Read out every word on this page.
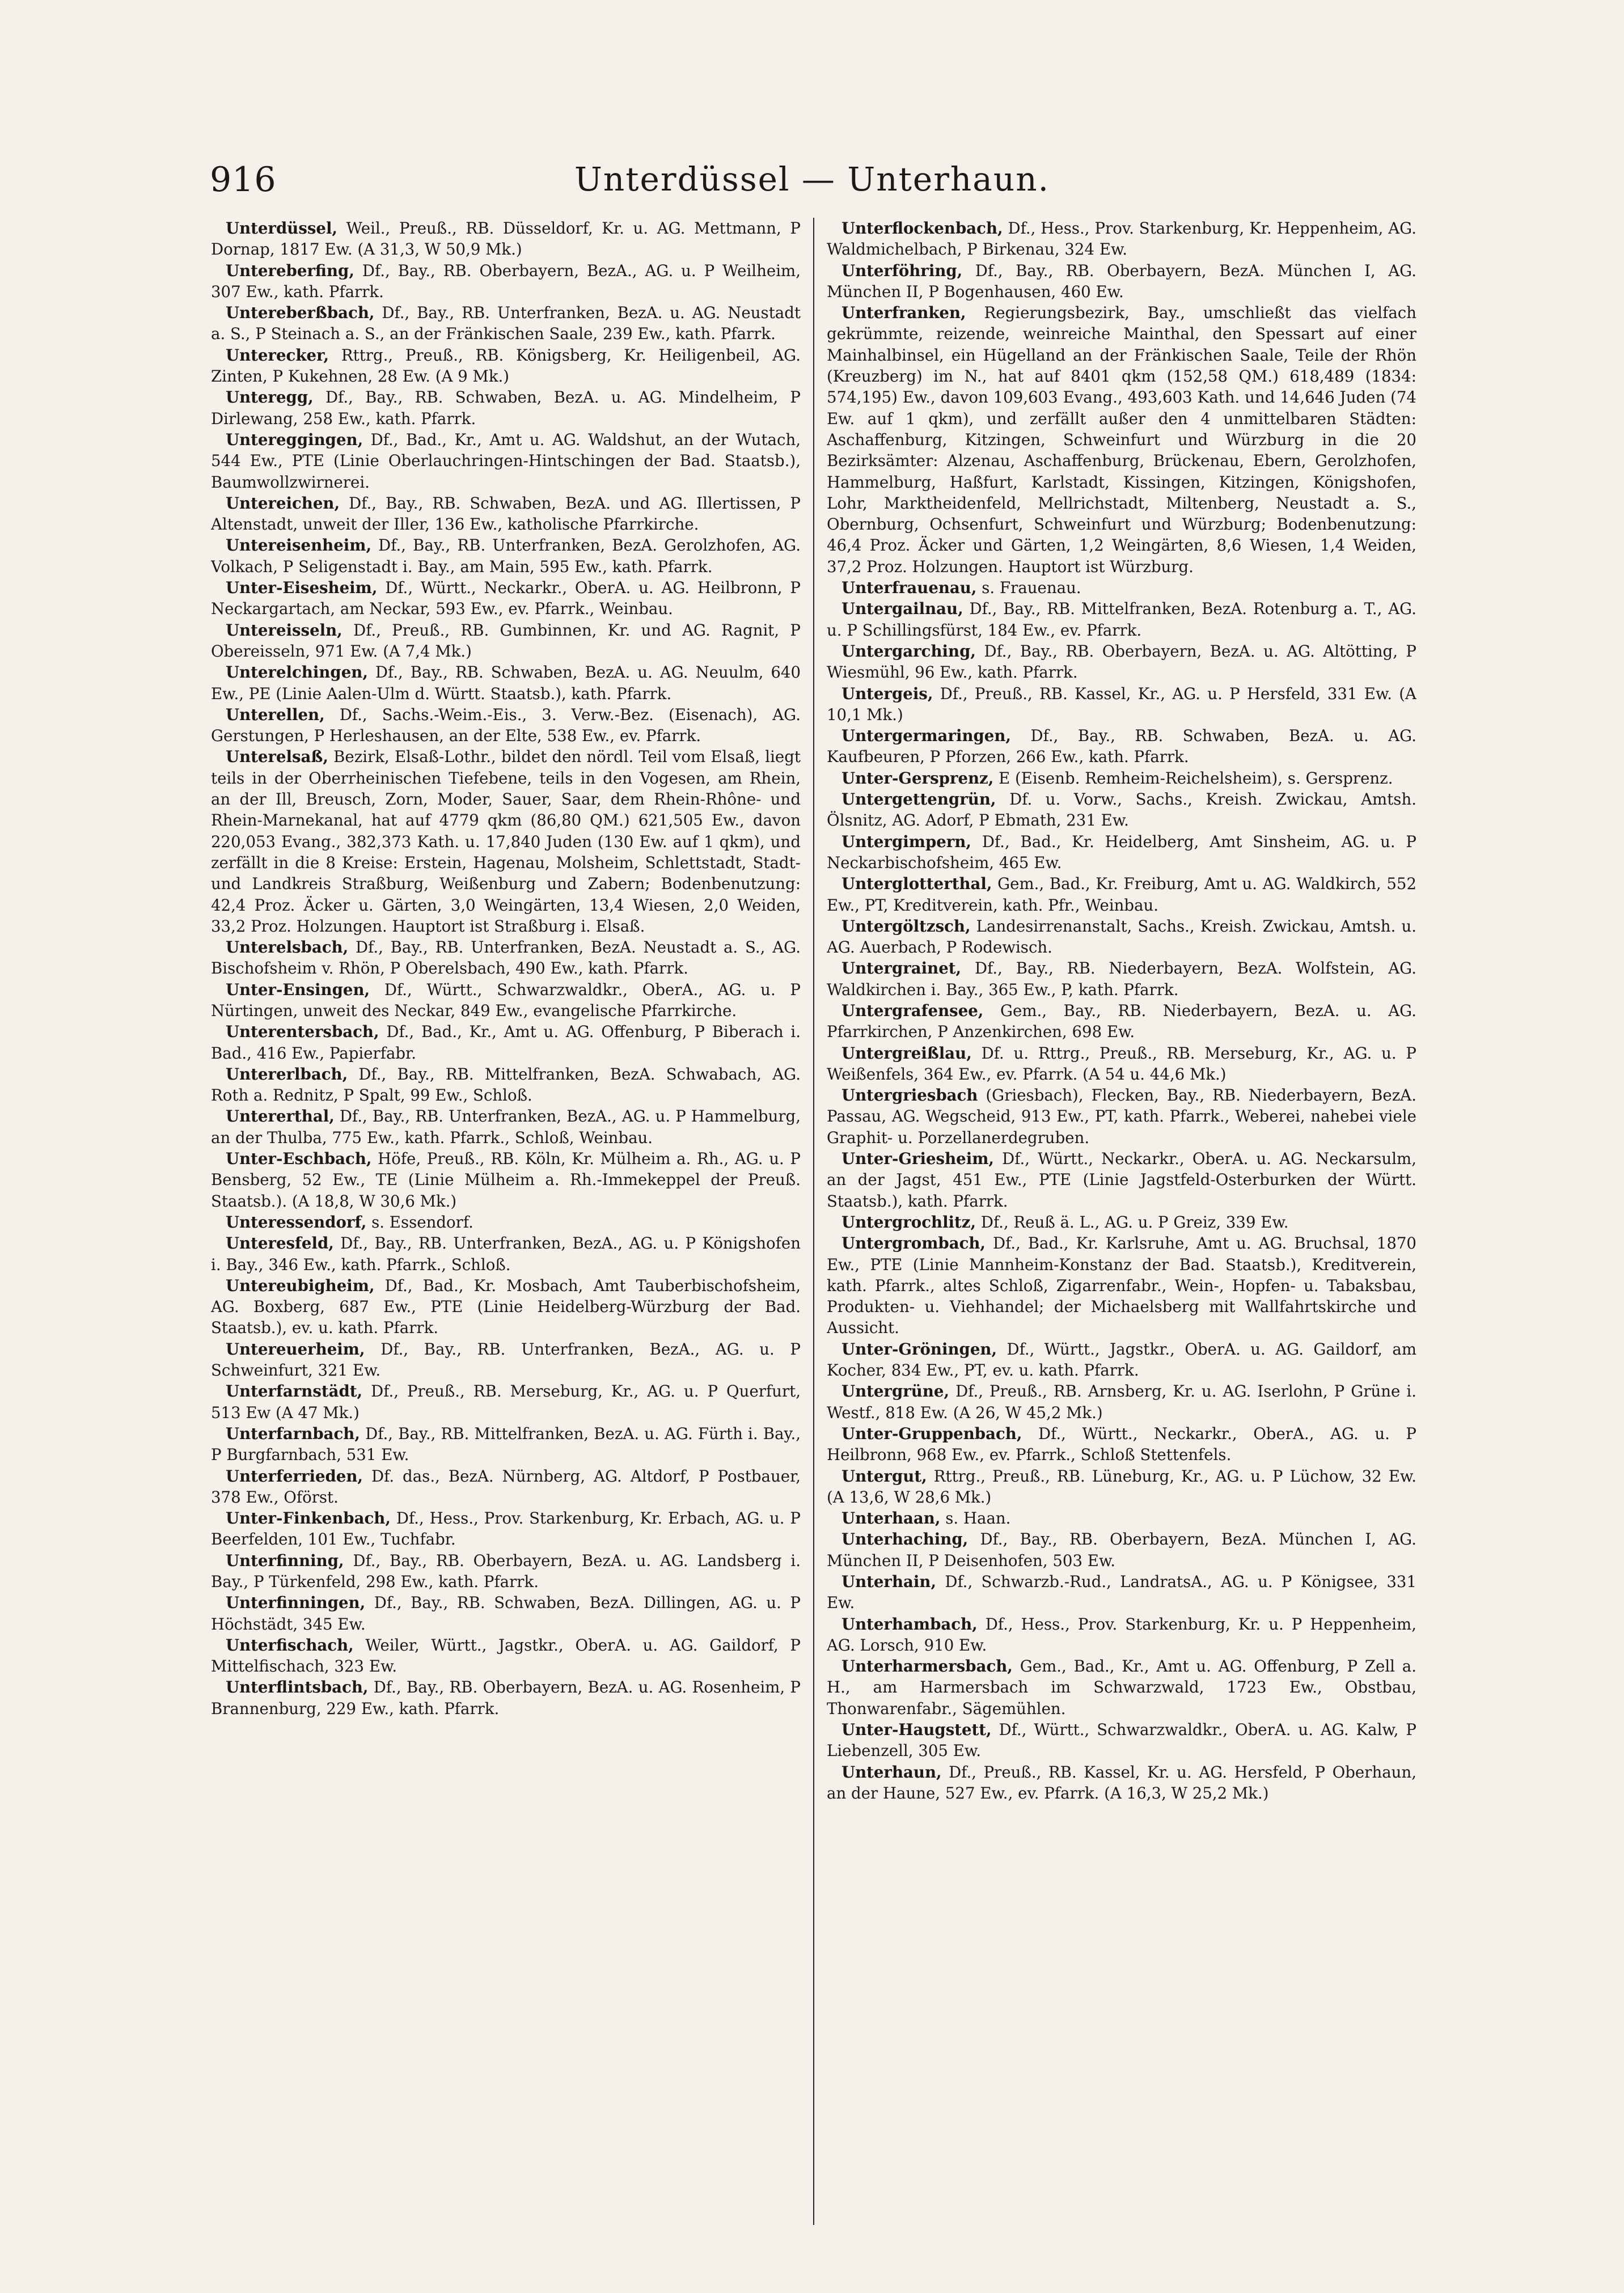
916	Unterdüssel — Unterhaun.

Unterdüssel, Weil., Preuß., RB. Düsseldorf, Kr. u. AG. Mettmann, P Dornap, 1817 Ew. (A 31,3, W 50,9 Mk.)

Untereberfing, Df., Bay., RB. Oberbayern, BezA., AG. u. P Weilheim, 307 Ew., kath. Pfarrk.

Untereberßbach, Df., Bay., RB. Unterfranken, BezA. u. AG. Neustadt a. S., P Steinach a. S., an der Fränkischen Saale, 239 Ew., kath. Pfarrk.

Unterecker, Rttrg., Preuß., RB. Königsberg, Kr. Heiligenbeil, AG. Zinten, P Kukehnen, 28 Ew. (A 9 Mk.)

Unteregg, Df., Bay., RB. Schwaben, BezA. u. AG. Mindelheim, P Dirlewang, 258 Ew., kath. Pfarrk.

Untereggingen, Df., Bad., Kr., Amt u. AG. Waldshut, an der Wutach, 544 Ew., PTE (Linie Oberlauchringen-Hintschingen der Bad. Staatsb.), Baumwollzwirnerei.

Untereichen, Df., Bay., RB. Schwaben, BezA. und AG. Illertissen, P Altenstadt, unweit der Iller, 136 Ew., katholische Pfarrkirche.

Untereisenheim, Df., Bay., RB. Unterfranken, BezA. Gerolzhofen, AG. Volkach, P Seligenstadt i. Bay., am Main, 595 Ew., kath. Pfarrk.

Unter-Eisesheim, Df., Württ., Neckarkr., OberA. u. AG. Heilbronn, P Neckargartach, am Neckar, 593 Ew., ev. Pfarrk., Weinbau.

Untereisseln, Df., Preuß., RB. Gumbinnen, Kr. und AG. Ragnit, P Obereisseln, 971 Ew. (A 7,4 Mk.)

Unterelchingen, Df., Bay., RB. Schwaben, BezA. u. AG. Neuulm, 640 Ew., PE (Linie Aalen-Ulm d. Württ. Staatsb.), kath. Pfarrk.

Unterellen, Df., Sachs.-Weim.-Eis., 3. Verw.-Bez. (Eisenach), AG. Gerstungen, P Herleshausen, an der Elte, 538 Ew., ev. Pfarrk.

Unterelsaß, Bezirk, Elsaß-Lothr., bildet den nördl. Teil vom Elsaß, liegt teils in der Oberrheinischen Tiefebene, teils in den Vogesen, am Rhein, an der Ill, Breusch, Zorn, Moder, Sauer, Saar, dem Rhein-Rhône- und Rhein-Marnekanal, hat auf 4779 qkm (86,80 QM.) 621,505 Ew., davon 220,053 Evang., 382,373 Kath. u. 17,840 Juden (130 Ew. auf 1 qkm), und zerfällt in die 8 Kreise: Erstein, Hagenau, Molsheim, Schlettstadt, Stadt- und Landkreis Straßburg, Weißenburg und Zabern; Bodenbenutzung: 42,4 Proz. Äcker u. Gärten, 3,0 Weingärten, 13,4 Wiesen, 2,0 Weiden, 33,2 Proz. Holzungen. Hauptort ist Straßburg i. Elsaß.

Unterelsbach, Df., Bay., RB. Unterfranken, BezA. Neustadt a. S., AG. Bischofsheim v. Rhön, P Oberelsbach, 490 Ew., kath. Pfarrk.

Unter-Ensingen, Df., Württ., Schwarzwaldkr., OberA., AG. u. P Nürtingen, unweit des Neckar, 849 Ew., evangelische Pfarrkirche.

Unterentersbach, Df., Bad., Kr., Amt u. AG. Offenburg, P Biberach i. Bad., 416 Ew., Papierfabr.

Untererlbach, Df., Bay., RB. Mittelfranken, BezA. Schwabach, AG. Roth a. Rednitz, P Spalt, 99 Ew., Schloß.

Untererthal, Df., Bay., RB. Unterfranken, BezA., AG. u. P Hammelburg, an der Thulba, 775 Ew., kath. Pfarrk., Schloß, Weinbau.

Unter-Eschbach, Höfe, Preuß., RB. Köln, Kr. Mülheim a. Rh., AG. u. P Bensberg, 52 Ew., TE (Linie Mülheim a. Rh.-Immekeppel der Preuß. Staatsb.). (A 18,8, W 30,6 Mk.)

Unteressendorf, s. Essendorf.

Unteresfeld, Df., Bay., RB. Unterfranken, BezA., AG. u. P Königshofen i. Bay., 346 Ew., kath. Pfarrk., Schloß.

Unterеubigheim, Df., Bad., Kr. Mosbach, Amt Tauberbischofsheim, AG. Boxberg, 687 Ew., PTE (Linie Heidelberg-Würzburg der Bad. Staatsb.), ev. u. kath. Pfarrk.

Untereuerheim, Df., Bay., RB. Unterfranken, BezA., AG. u. P Schweinfurt, 321 Ew.

Unterfarnstädt, Df., Preuß., RB. Merseburg, Kr., AG. u. P Querfurt, 513 Ew (A 47 Mk.)

Unterfarnbach, Df., Bay., RB. Mittelfranken, BezA. u. AG. Fürth i. Bay., P Burgfarnbach, 531 Ew.

Unterferrieden, Df. das., BezA. Nürnberg, AG. Altdorf, P Postbauer, 378 Ew., Oförst.

Unter-Finkenbach, Df., Hess., Prov. Starkenburg, Kr. Erbach, AG. u. P Beerfelden, 101 Ew., Tuchfabr.

Unterfinning, Df., Bay., RB. Oberbayern, BezA. u. AG. Landsberg i. Bay., P Türkenfeld, 298 Ew., kath. Pfarrk.

Unterfinningen, Df., Bay., RB. Schwaben, BezA. Dillingen, AG. u. P Höchstädt, 345 Ew.

Unterfischach, Weiler, Württ., Jagstkr., OberA. u. AG. Gaildorf, P Mittelfischach, 323 Ew.

Unterflintsbach, Df., Bay., RB. Oberbayern, BezA. u. AG. Rosenheim, P Brannenburg, 229 Ew., kath. Pfarrk.

Unterflockenbach, Df., Hess., Prov. Starkenburg, Kr. Heppenheim, AG. Waldmichelbach, P Birkenau, 324 Ew.

Unterföhring, Df., Bay., RB. Oberbayern, BezA. München I, AG. München II, P Bogenhausen, 460 Ew.

Unterfranken, Regierungsbezirk, Bay., umschließt das vielfach gekrümmte, reizende, weinreiche Mainthal, den Spessart auf einer Mainhalbinsel, ein Hügelland an der Fränkischen Saale, Teile der Rhön (Kreuzberg) im N., hat auf 8401 qkm (152,58 QM.) 618,489 (1834: 574,195) Ew., davon 109,603 Evang., 493,603 Kath. und 14,646 Juden (74 Ew. auf 1 qkm), und zerfällt außer den 4 unmittelbaren Städten: Aschaffenburg, Kitzingen, Schweinfurt und Würzburg in die 20 Bezirksämter: Alzenau, Aschaffenburg, Brückenau, Ebern, Gerolzhofen, Hammelburg, Haßfurt, Karlstadt, Kissingen, Kitzingen, Königshofen, Lohr, Marktheidenfeld, Mellrichstadt, Miltenberg, Neustadt a. S., Obernburg, Ochsenfurt, Schweinfurt und Würzburg; Bodenbenutzung: 46,4 Proz. Äcker und Gärten, 1,2 Weingärten, 8,6 Wiesen, 1,4 Weiden, 37,2 Proz. Holzungen. Hauptort ist Würzburg.

Unterfrauenau, s. Frauenau.

Untergailnau, Df., Bay., RB. Mittelfranken, BezA. Rotenburg a. T., AG. u. P Schillingsfürst, 184 Ew., ev. Pfarrk.

Untergarching, Df., Bay., RB. Oberbayern, BezA. u. AG. Altötting, P Wiesmühl, 96 Ew., kath. Pfarrk.

Untergeis, Df., Preuß., RB. Kassel, Kr., AG. u. P Hersfeld, 331 Ew. (A 10,1 Mk.)

Untergermaringen, Df., Bay., RB. Schwaben, BezA. u. AG. Kaufbeuren, P Pforzen, 266 Ew., kath. Pfarrk.

Unter-Gersprenz, E (Eisenb. Remheim-Reichelsheim), s. Gersprenz.

Untergettengrün, Df. u. Vorw., Sachs., Kreish. Zwickau, Amtsh. Ölsnitz, AG. Adorf, P Ebmath, 231 Ew.

Untergimpern, Df., Bad., Kr. Heidelberg, Amt Sinsheim, AG. u. P Neckarbischofsheim, 465 Ew.

Unterglotterthal, Gem., Bad., Kr. Freiburg, Amt u. AG. Waldkirch, 552 Ew., PT, Kreditverein, kath. Pfr., Weinbau.

Untergöltzsch, Landesirrenanstalt, Sachs., Kreish. Zwickau, Amtsh. u. AG. Auerbach, P Rodewisch.

Untergrainet, Df., Bay., RB. Niederbayern, BezA. Wolfstein, AG. Waldkirchen i. Bay., 365 Ew., P, kath. Pfarrk.

Untergrafensee, Gem., Bay., RB. Niederbayern, BezA. u. AG. Pfarrkirchen, P Anzenkirchen, 698 Ew.

Untergreißlau, Df. u. Rttrg., Preuß., RB. Merseburg, Kr., AG. u. P Weißenfels, 364 Ew., ev. Pfarrk. (A 54 u. 44,6 Mk.)

Untergriesbach (Griesbach), Flecken, Bay., RB. Niederbayern, BezA. Passau, AG. Wegscheid, 913 Ew., PT, kath. Pfarrk., Weberei, nahebei viele Graphit- u. Porzellanerdegruben.

Unter-Griesheim, Df., Württ., Neckarkr., OberA. u. AG. Neckarsulm, an der Jagst, 451 Ew., PTE (Linie Jagstfeld-Osterburken der Württ. Staatsb.), kath. Pfarrk.

Untergrochlitz, Df., Reuß ä. L., AG. u. P Greiz, 339 Ew.

Untergrombach, Df., Bad., Kr. Karlsruhe, Amt u. AG. Bruchsal, 1870 Ew., PTE (Linie Mannheim-Konstanz der Bad. Staatsb.), Kreditverein, kath. Pfarrk., altes Schloß, Zigarrenfabr., Wein-, Hopfen- u. Tabaksbau, Produkten- u. Viehhandel; der Michaelsberg mit Wallfahrtskirche und Aussicht.

Unter-Gröningen, Df., Württ., Jagstkr., OberA. u. AG. Gaildorf, am Kocher, 834 Ew., PT, ev. u. kath. Pfarrk.

Untergrüne, Df., Preuß., RB. Arnsberg, Kr. u. AG. Iserlohn, P Grüne i. Westf., 818 Ew. (A 26, W 45,2 Mk.)

Unter-Gruppenbach, Df., Württ., Neckarkr., OberA., AG. u. P Heilbronn, 968 Ew., ev. Pfarrk., Schloß Stettenfels.

Untergut, Rttrg., Preuß., RB. Lüneburg, Kr., AG. u. P Lüchow, 32 Ew. (A 13,6, W 28,6 Mk.)

Unterhaan, s. Haan.

Unterhaching, Df., Bay., RB. Oberbayern, BezA. München I, AG. München II, P Deisenhofen, 503 Ew.

Unterhain, Df., Schwarzb.-Rud., LandratsA., AG. u. P Königsee, 331 Ew.

Unterhambach, Df., Hess., Prov. Starkenburg, Kr. u. P Heppenheim, AG. Lorsch, 910 Ew.

Unterharmersbach, Gem., Bad., Kr., Amt u. AG. Offenburg, P Zell a. H., am Harmersbach im Schwarzwald, 1723 Ew., Obstbau, Thonwarenfabr., Sägemühlen.

Unter-Haugstett, Df., Württ., Schwarzwaldkr., OberA. u. AG. Kalw, P Liebenzell, 305 Ew.

Unterhaun, Df., Preuß., RB. Kassel, Kr. u. AG. Hersfeld, P Oberhaun, an der Haune, 527 Ew., ev. Pfarrk. (A 16,3, W 25,2 Mk.)
